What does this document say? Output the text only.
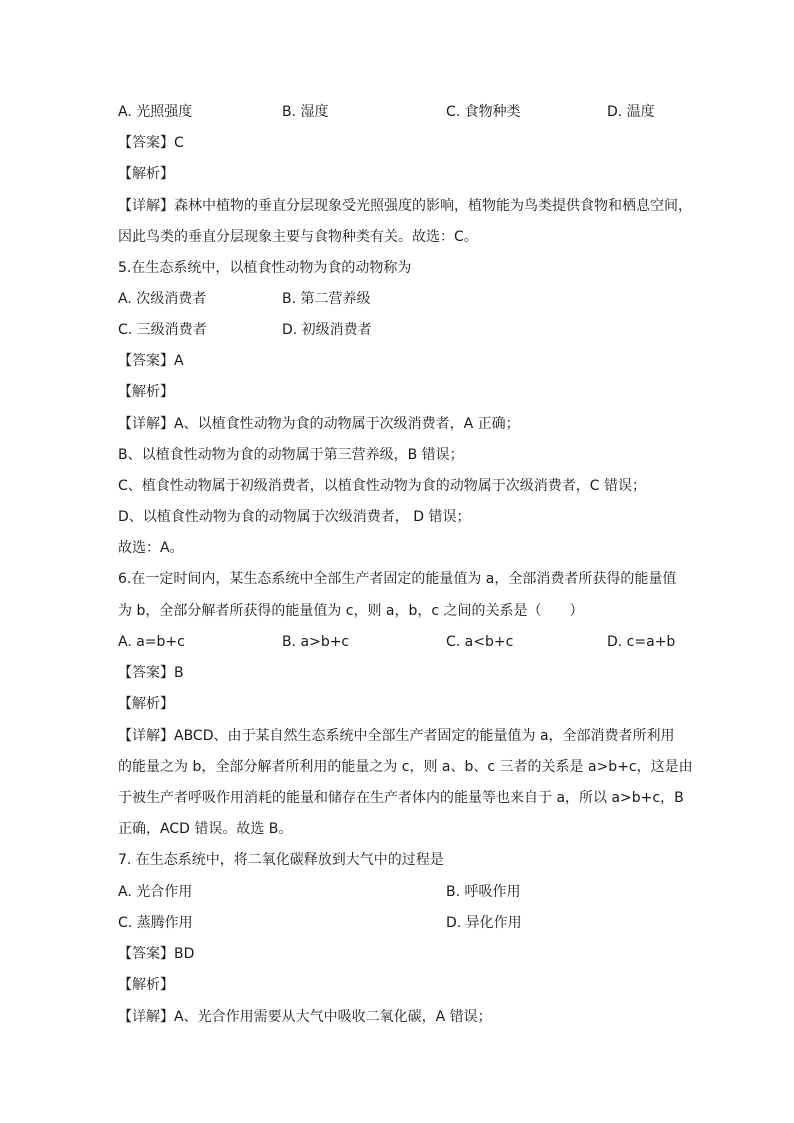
A. 光照强度	B. 湿度	C. 食物种类	D. 温度
【答案】C
【解析】
【详解】森林中植物的垂直分层现象受光照强度的影响，植物能为鸟类提供食物和栖息空间，
因此鸟类的垂直分层现象主要与食物种类有关。故选：C。
5.在生态系统中，以植食性动物为食的动物称为
A. 次级消费者	B. 第二营养级
C. 三级消费者	D. 初级消费者
【答案】A
【解析】
【详解】A、以植食性动物为食的动物属于次级消费者，A 正确；
B、以植食性动物为食的动物属于第三营养级，B 错误；
C、植食性动物属于初级消费者，以植食性动物为食的动物属于次级消费者，C 错误；
D、以植食性动物为食的动物属于次级消费者， D 错误；
故选：A。
6.在一定时间内，某生态系统中全部生产者固定的能量值为 a，全部消费者所获得的能量值
为 b，全部分解者所获得的能量值为 c，则 a，b，c 之间的关系是（　　）
A. a=b+c	B. a>b+c	C. a<b+c	D. c=a+b
【答案】B
【解析】
【详解】ABCD、由于某自然生态系统中全部生产者固定的能量值为 a，全部消费者所利用
的能量之为 b，全部分解者所利用的能量之为 c，则 a、b、c 三者的关系是 a>b+c，这是由
于被生产者呼吸作用消耗的能量和储存在生产者体内的能量等也来自于 a，所以 a>b+c，B
正确，ACD 错误。故选 B。
7. 在生态系统中，将二氧化碳释放到大气中的过程是
A. 光合作用	B. 呼吸作用
C. 蒸腾作用	D. 异化作用
【答案】BD
【解析】
【详解】A、光合作用需要从大气中吸收二氧化碳，A 错误；
